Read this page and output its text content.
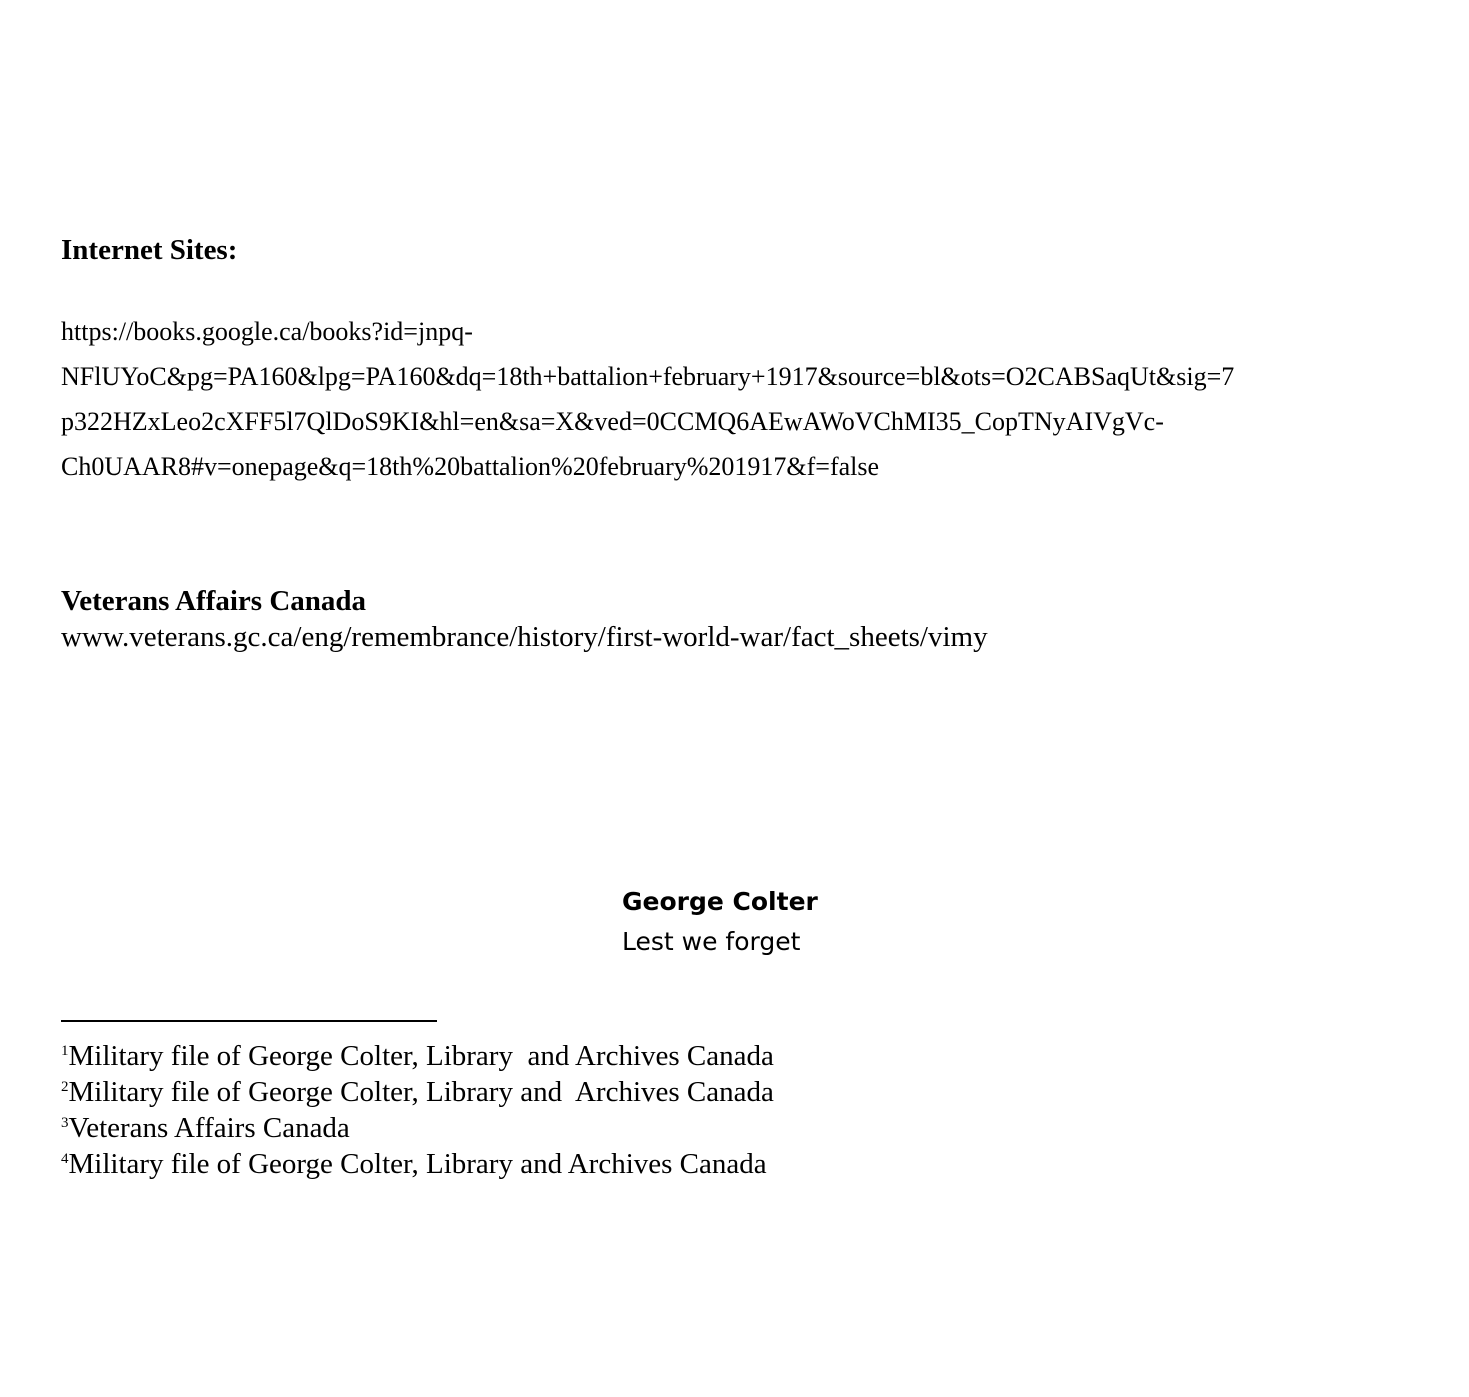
Internet Sites:
https://books.google.ca/books?id=jnpq-
NFlUYoC&pg=PA160&lpg=PA160&dq=18th+battalion+february+1917&source=bl&ots=O2CABSaqUt&sig=7
p322HZxLeo2cXFF5l7QlDoS9KI&hl=en&sa=X&ved=0CCMQ6AEwAWoVChMI35_CopTNyAIVgVc-
Ch0UAAR8#v=onepage&q=18th%20battalion%20february%201917&f=false
Veterans Affairs Canada
www.veterans.gc.ca/eng/remembrance/history/first-world-war/fact_sheets/vimy
George Colter
Lest we forget
$^1$Military file of George Colter, Library  and Archives Canada
$^2$Military file of George Colter, Library and  Archives Canada
$^3$Veterans Affairs Canada
$^4$Military file of George Colter, Library and Archives Canada
